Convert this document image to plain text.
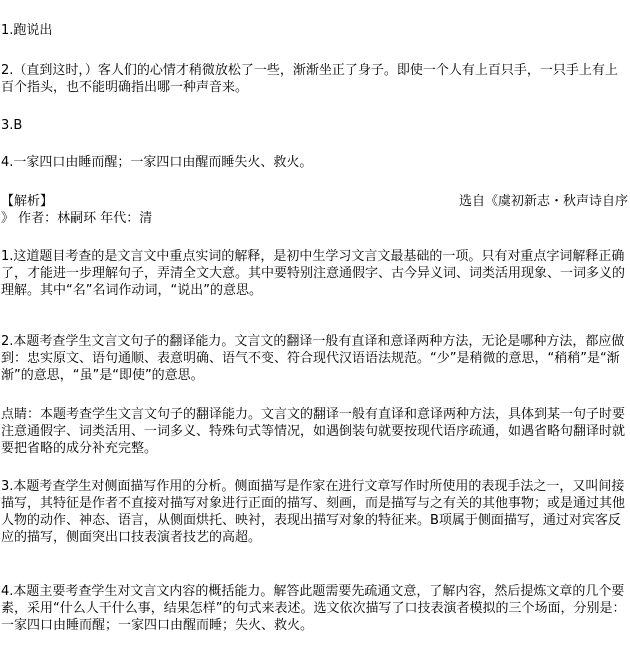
1.跑说出

2.（直到这时，）客人们的心情才稍微放松了一些，渐渐坐正了身子。即使一个人有上百只手，一只手上有上百个指头，也不能明确指出哪一种声音来。

3.B

4.一家四口由睡而醒；一家四口由醒而睡失火、救火。

【解析】	选自《虞初新志・秋声诗自序

》 作者：林嗣环 年代：清

1.这道题目考查的是文言文中重点实词的解释，是初中生学习文言文最基础的一项。只有对重点字词解释正确了，才能进一步理解句子，弄清全文大意。其中要特别注意通假字、古今异义词、词类活用现象、一词多义的理解。其中“名”名词作动词，“说出”的意思。

2.本题考查学生文言文句子的翻译能力。文言文的翻译一般有直译和意译两种方法，无论是哪种方法，都应做到：忠实原文、语句通顺、表意明确、语气不变、符合现代汉语语法规范。“少”是稍微的意思，“稍稍”是“渐渐”的意思，“虽”是“即使”的意思。

点睛：本题考查学生文言文句子的翻译能力。文言文的翻译一般有直译和意译两种方法，具体到某一句子时要注意通假字、词类活用、一词多义、特殊句式等情况，如遇倒装句就要按现代语序疏通，如遇省略句翻译时就要把省略的成分补充完整。

3.本题考查学生对侧面描写作用的分析。侧面描写是作家在进行文章写作时所使用的表现手法之一，又叫间接描写，其特征是作者不直接对描写对象进行正面的描写、刻画，而是描写与之有关的其他事物；或是通过其他人物的动作、神态、语言，从侧面烘托、映衬，表现出描写对象的特征来。B项属于侧面描写，通过对宾客反应的描写，侧面突出口技表演者技艺的高超。

4.本题主要考查学生对文言文内容的概括能力。解答此题需要先疏通文意，了解内容，然后提炼文章的几个要素，采用“什么人干什么事，结果怎样”的句式来表述。选文依次描写了口技表演者模拟的三个场面，分别是：一家四口由睡而醒；一家四口由醒而睡；失火、救火。
